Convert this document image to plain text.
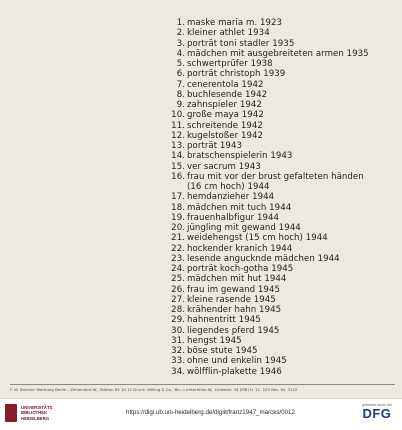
1. maske maria m. 1923
2. kleiner athlet 1934
3. porträt toni stadler 1935
4. mädchen mit ausgebreiteten armen 1935
5. schwertprüfer 1938
6. porträt christoph 1939
7. cenerentola 1942
8. buchlesende 1942
9. zahnspieler 1942
10. große maya 1942
11. schreitende 1942
12. kugelstoßer 1942
13. porträt 1943
14. bratschenspielerin 1943
15. ver sacrum 1943
16. frau mit vor der brust gefalteten händen
(16 cm hoch) 1944
17. hemdanzieher 1944
18. mädchen mit tuch 1944
19. frauenhalbfigur 1944
20. jüngling mit gewand 1944
21. weidehengst (15 cm hoch) 1944
22. hockender kranich 1944
23. lesende angucknde mädchen 1944
24. porträt koch-gotha 1945
25. mädchen mit hut 1944
26. frau im gewand 1945
27. kleine rasende 1945
28. krähender hahn 1945
29. hahnentritt 1945
30. liegendes pferd 1945
31. hengst 1945
32. böse stute 1945
33. ohne und enkelin 1945
34. wölfflin-plakette 1946
F. W. Brecher Werbung Berlin - Zehlendorf-W., Telefon 84 10 12 Druck: Willing & Co., Bln.-Lichterfelde-W., Drakestr. 34 (MB) ti. 11. 103 Bes. Nr. 3142
UNIVERSITÄTS
BIBLIOTHEK
HEIDELBERG
https://digi.ub.uni-heidelberg.de/diglit/franz1947_marcks/0012
gefördert durch die
DFG
